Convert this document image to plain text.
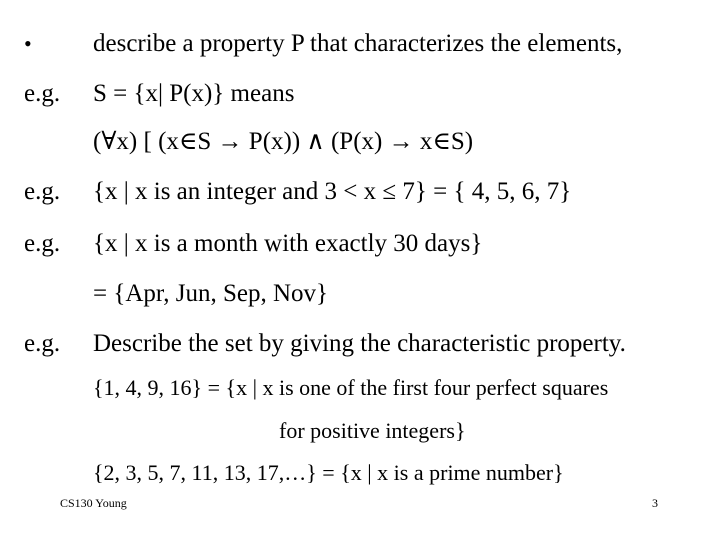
• describe a property P that characterizes the elements,
e.g. S = {x| P(x)} means
(∀x) [ (x∈S → P(x)) ∧ (P(x) → x∈S)
e.g. {x | x is an integer and 3 < x ≤ 7} = { 4, 5, 6, 7}
e.g. {x | x is a month with exactly 30 days}
= {Apr, Jun, Sep, Nov}
e.g. Describe the set by giving the characteristic property.
{1, 4, 9, 16} = {x | x is one of the first four perfect squares
for positive integers}
{2, 3, 5, 7, 11, 13, 17,…} = {x | x is a prime number}
CS130 Young	3
